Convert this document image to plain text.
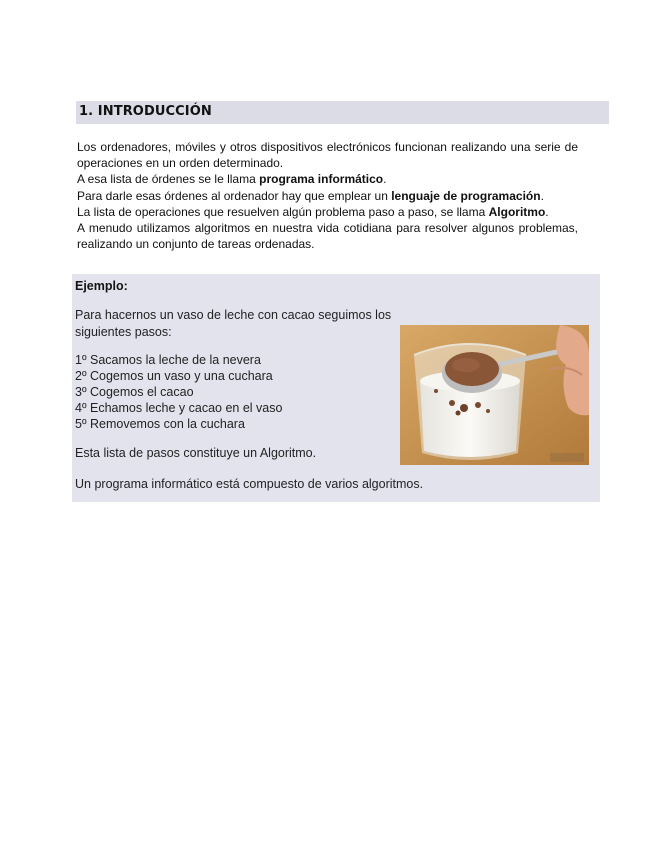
1. INTRODUCCIÓN

Los ordenadores, móviles y otros dispositivos electrónicos funcionan realizando una serie de operaciones en un orden determinado.

A esa lista de órdenes se le llama programa informático.

Para darle esas órdenes al ordenador hay que emplear un lenguaje de programación.

La lista de operaciones que resuelven algún problema paso a paso, se llama Algoritmo.

A menudo utilizamos algoritmos en nuestra vida cotidiana para resolver algunos problemas, realizando un conjunto de tareas ordenadas.

Ejemplo:
Para hacernos un vaso de leche con cacao seguimos los siguientes pasos:
1º Sacamos la leche de la nevera
2º Cogemos un vaso y una cuchara
3º Cogemos el cacao
4º Echamos leche y cacao en el vaso
5º Removemos con la cuchara
Esta lista de pasos constituye un Algoritmo.
Un programa informático está compuesto de varios algoritmos.
